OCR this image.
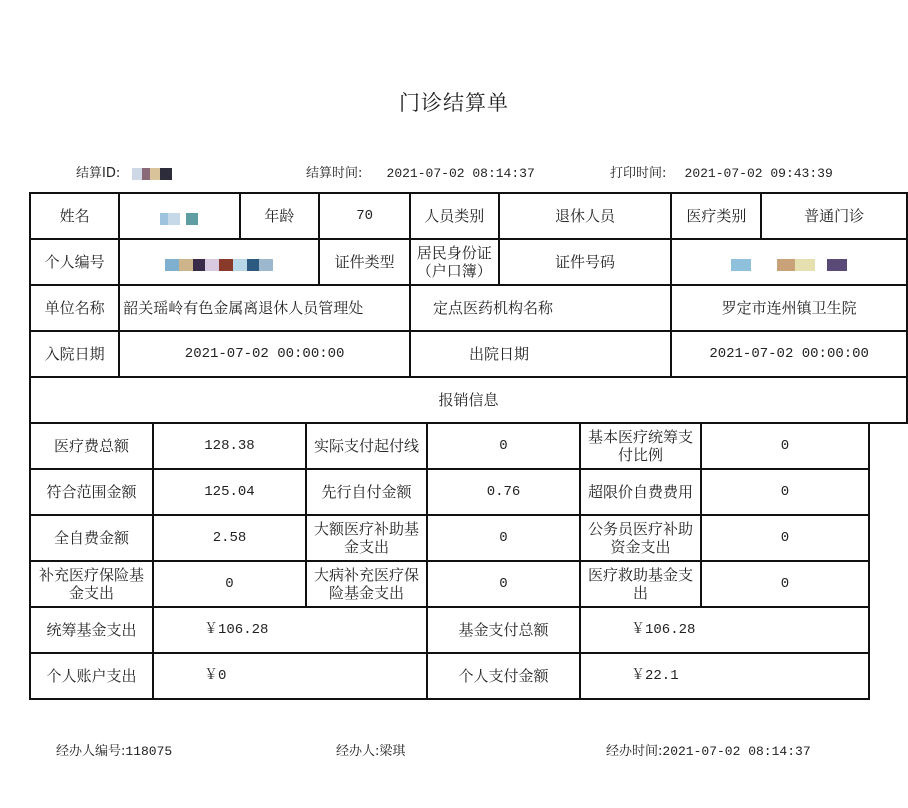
门诊结算单
结算ID:	结算时间: 2021-07-02 08:14:37	打印时间: 2021-07-02 09:43:39
姓名		年龄	70	人员类别	退休人员	医疗类别	普通门诊
个人编号			证件类型	居民身份证（户口簿）	证件号码		
单位名称	韶关瑶岭有色金属离退休人员管理处			定点医药机构名称		罗定市连州镇卫生院	
入院日期	2021-07-02 00:00:00			出院日期		2021-07-02 00:00:00	
报销信息							
医疗费总额	128.38	实际支付起付线	0	基本医疗统筹支付比例	0
符合范围金额	125.04	先行自付金额	0.76	超限价自费费用	0
全自费金额	2.58	大额医疗补助基金支出	0	公务员医疗补助资金支出	0
补充医疗保险基金支出	0	大病补充医疗保险基金支出	0	医疗救助基金支出	0
统筹基金支出	￥106.28		基金支付总额	￥106.28	
个人账户支出	￥0		个人支付金额	￥22.1	
经办人编号:118075	经办人:梁琪	经办时间:2021-07-02 08:14:37
